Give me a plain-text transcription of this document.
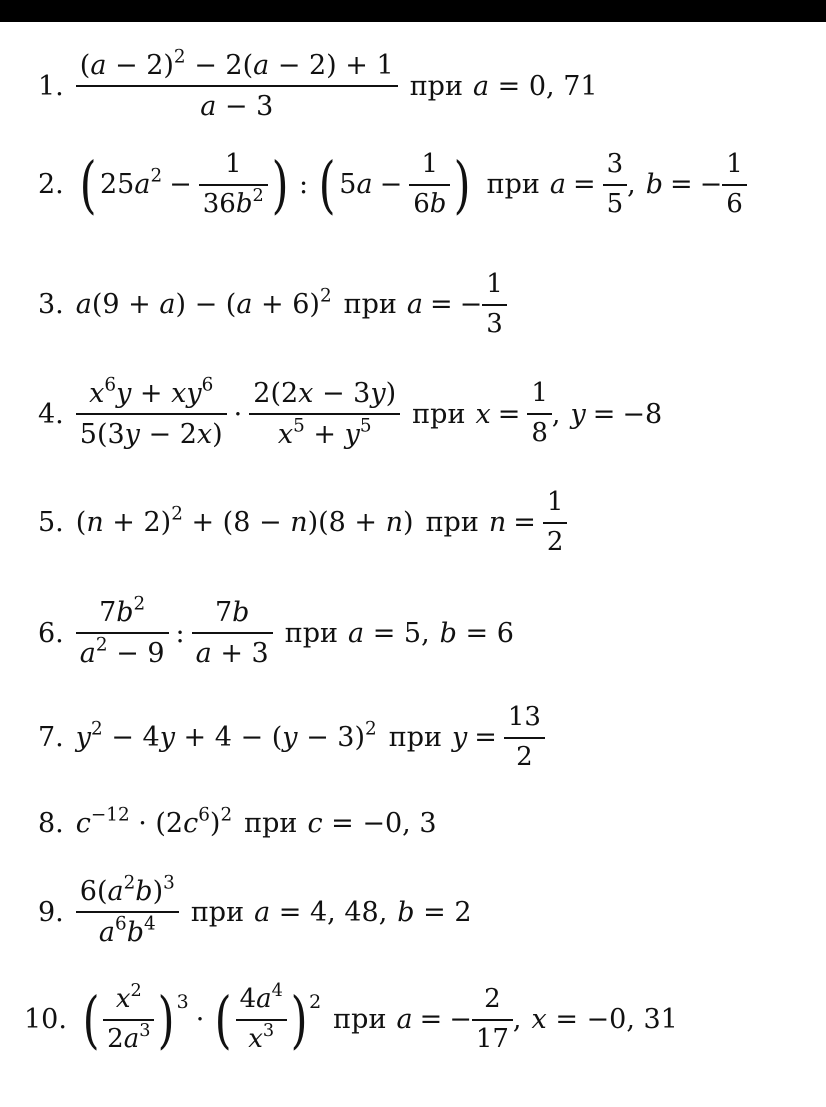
1. $\frac{(a - 2)^2 - 2(a - 2) + 1}{a - 3}$ при a = 0, 71
2. ( $25a^2 - \frac{1}{36b^2}$ ) : ( $5a - \frac{1}{6b}$ ) при $a = \frac{3}{5}$ , b = − $\frac{1}{6}$
3. $a(9 + a) - (a + 6)^2$ при a = − $\frac{1}{3}$
4. $\frac{x^6y + xy^6}{5(3y - 2x)} \cdot \frac{2(2x - 3y)}{x^5 + y^5}$ при $x = \frac{1}{8}$ , y = −8
5. $(n + 2)^2 + (8 - n)(8 + n)$ при $n = \frac{1}{2}$
6. $\frac{7b^2}{a^2 - 9}$ : $\frac{7b}{a + 3}$ при a = 5, b = 6
7. $y^2 - 4y + 4 - (y - 3)^2$ при $y = \frac{13}{2}$
8. $c^{-12} \cdot (2c^6)^2$ при c = −0, 3
9. $\frac{6(a^2b)^3}{a^6b^4}$ при a = 4, 48, b = 2
10. ( $\frac{x^2}{2a^3}$ ) 3
· ( $\frac{4a^4}{x^3}$ ) 2
при a = − $\frac{2}{17}$ , x = −0, 31
